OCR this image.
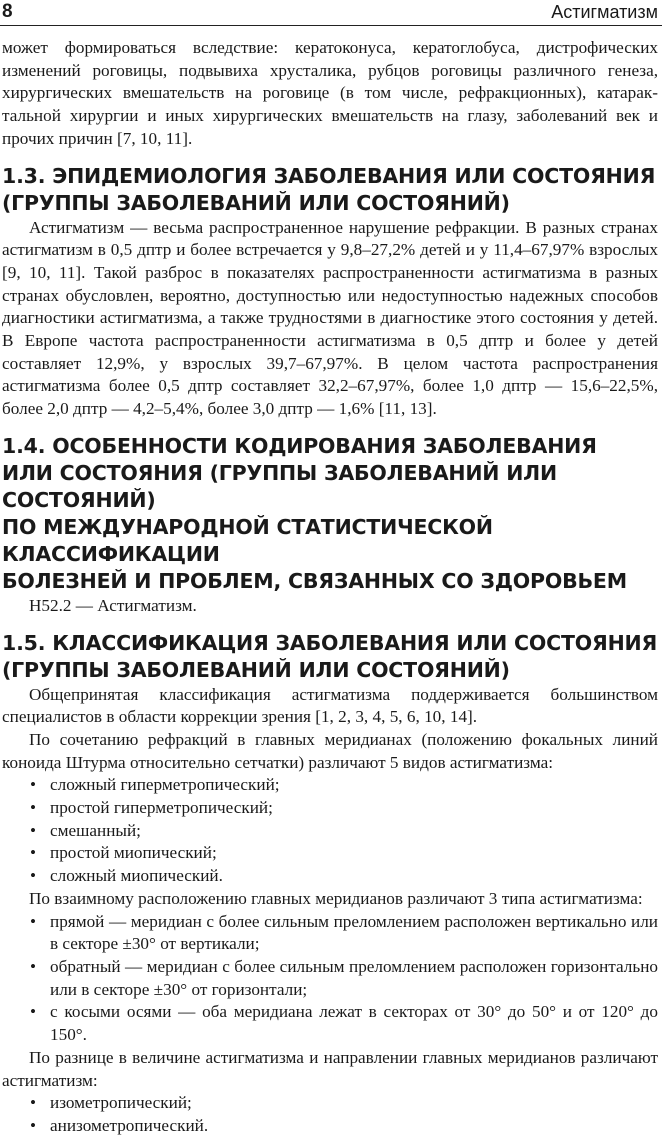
8	Астигматизм

может формироваться вследствие: кератоконуса, кератоглобуса, дистрофических изменений роговицы, подвывиха хрусталика, рубцов роговицы различного генеза, хирургических вмешательств на роговице (в том числе, рефракционных), катарактальной хирургии и иных хирургических вмешательств на глазу, заболеваний век и прочих причин [7, 10, 11].

1.3. ЭПИДЕМИОЛОГИЯ ЗАБОЛЕВАНИЯ ИЛИ СОСТОЯНИЯ
(ГРУППЫ ЗАБОЛЕВАНИЙ ИЛИ СОСТОЯНИЙ)

Астигматизм — весьма распространенное нарушение рефракции. В разных странах астигматизм в 0,5 дптр и более встречается у 9,8–27,2% детей и у 11,4–67,97% взрослых [9, 10, 11]. Такой разброс в показателях распространенности астигматизма в разных странах обусловлен, вероятно, доступностью или недоступностью надежных способов диагностики астигматизма, а также трудностями в диагностике этого состояния у детей. В Европе частота распространенности астигматизма в 0,5 дптр и более у детей составляет 12,9%, у взрослых 39,7–67,97%. В целом частота распространения астигматизма более 0,5 дптр составляет 32,2–67,97%, более 1,0 дптр — 15,6–22,5%, более 2,0 дптр — 4,2–5,4%, более 3,0 дптр — 1,6% [11, 13].

1.4. ОСОБЕННОСТИ КОДИРОВАНИЯ ЗАБОЛЕВАНИЯ
ИЛИ СОСТОЯНИЯ (ГРУППЫ ЗАБОЛЕВАНИЙ ИЛИ СОСТОЯНИЙ)
ПО МЕЖДУНАРОДНОЙ СТАТИСТИЧЕСКОЙ КЛАССИФИКАЦИИ
БОЛЕЗНЕЙ И ПРОБЛЕМ, СВЯЗАННЫХ СО ЗДОРОВЬЕМ

Н52.2 — Астигматизм.

1.5. КЛАССИФИКАЦИЯ ЗАБОЛЕВАНИЯ ИЛИ СОСТОЯНИЯ
(ГРУППЫ ЗАБОЛЕВАНИЙ ИЛИ СОСТОЯНИЙ)

Общепринятая классификация астигматизма поддерживается большинством специалистов в области коррекции зрения [1, 2, 3, 4, 5, 6, 10, 14].

По сочетанию рефракций в главных меридианах (положению фокальных линий коноида Штурма относительно сетчатки) различают 5 видов астигматизма:

• сложный гиперметропический;
• простой гиперметропический;
• смешанный;
• простой миопический;
• сложный миопический.

По взаимному расположению главных меридианов различают 3 типа астигматизма:

• прямой — меридиан с более сильным преломлением расположен вертикально или в секторе ±30° от вертикали;
• обратный — меридиан с более сильным преломлением расположен горизонтально или в секторе ±30° от горизонтали;
• с косыми осями — оба меридиана лежат в секторах от 30° до 50° и от 120° до 150°.

По разнице в величине астигматизма и направлении главных меридианов различают астигматизм:

• изометропический;
• анизометропический.
